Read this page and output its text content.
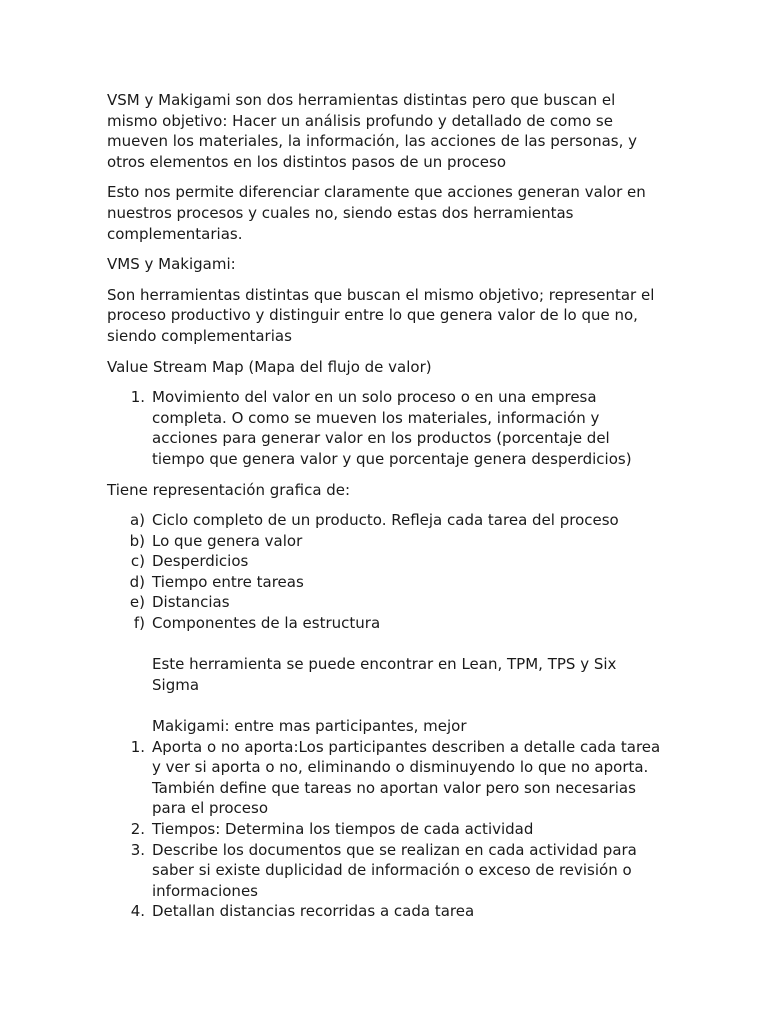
VSM y Makigami son dos herramientas distintas pero que buscan el mismo objetivo: Hacer un análisis profundo y detallado de como se mueven los materiales, la información, las acciones de las personas, y otros elementos en los distintos pasos de un proceso

Esto nos permite diferenciar claramente que acciones generan valor en nuestros procesos y cuales no, siendo estas dos herramientas complementarias.

VMS y Makigami:

Son herramientas distintas que buscan el mismo objetivo; representar el proceso productivo y distinguir entre lo que genera valor de lo que no, siendo complementarias

Value Stream Map (Mapa del flujo de valor)

1. Movimiento del valor en un solo proceso o en una empresa completa. O como se mueven los materiales, información y acciones para generar valor en los productos (porcentaje del tiempo que genera valor y que porcentaje genera desperdicios)

Tiene representación grafica de:

a) Ciclo completo de un producto. Refleja cada tarea del proceso
b) Lo que genera valor
c) Desperdicios
d) Tiempo entre tareas
e) Distancias
f) Componentes de la estructura

Este herramienta se puede encontrar en Lean, TPM, TPS y Six Sigma

Makigami: entre mas participantes, mejor

1. Aporta o no aporta:Los participantes describen a detalle cada tarea y ver si aporta o no, eliminando o disminuyendo lo que no aporta. También define que tareas no aportan valor pero son necesarias para el proceso
2. Tiempos: Determina los tiempos de cada actividad
3. Describe los documentos que se realizan en cada actividad para saber si existe duplicidad de información o exceso de revisión o informaciones
4. Detallan distancias recorridas a cada tarea
